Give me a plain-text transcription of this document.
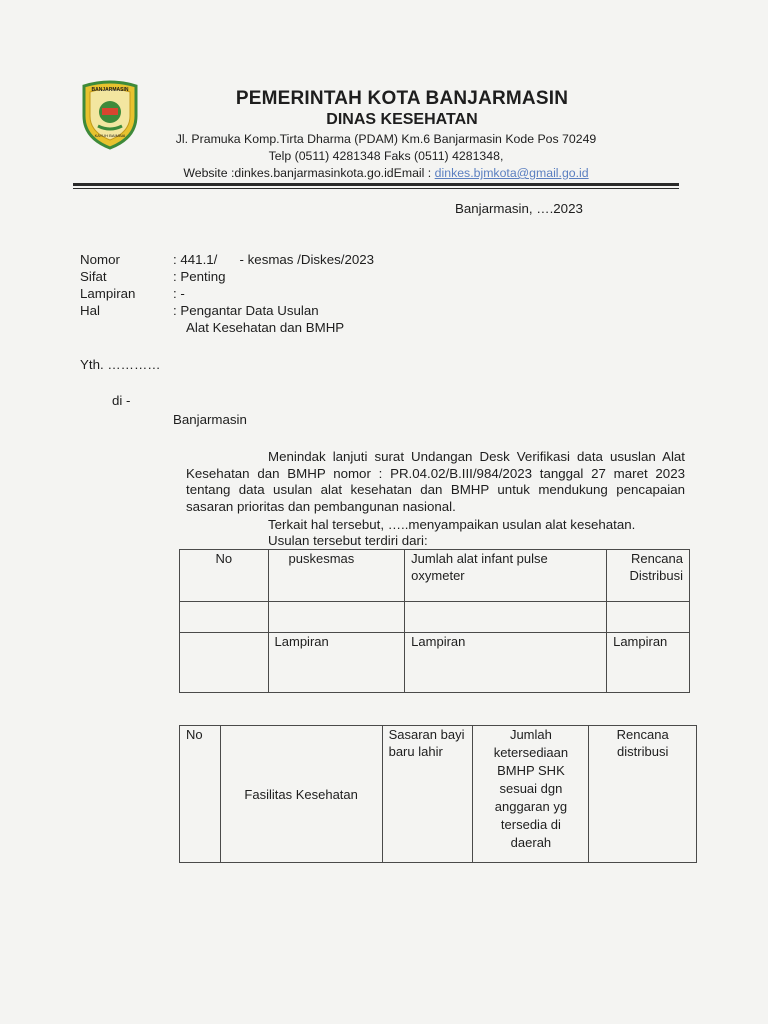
BANJARMASIN
KAYUH BAIMBAI
PEMERINTAH KOTA BANJARMASIN
DINAS KESEHATAN
Jl. Pramuka Komp.Tirta Dharma (PDAM) Km.6 Banjarmasin Kode Pos 70249
Telp (0511) 4281348 Faks (0511) 4281348,
Website :dinkes.banjarmasinkota.go.idEmail : dinkes.bjmkota@gmail.go.id
Banjarmasin, ….2023
Nomor	: 441.1/      - kesmas /Diskes/2023
Sifat	: Penting
Lampiran	: -
Hal	: Pengantar Data Usulan
Alat Kesehatan dan BMHP
Yth. …………
di -
Banjarmasin
Menindak lanjuti surat Undangan Desk Verifikasi data ususlan Alat Kesehatan dan BMHP nomor : PR.04.02/B.III/984/2023 tanggal 27 maret 2023 tentang data usulan alat kesehatan dan BMHP untuk mendukung pencapaian sasaran prioritas dan pembangunan nasional.
Terkait hal tersebut, …..menyampaikan usulan alat kesehatan.
Usulan tersebut terdiri dari:
No	puskesmas	Jumlah alat infant pulse oxymeter	Rencana Distribusi

	Lampiran	Lampiran	Lampiran
No	Fasilitas Kesehatan	Sasaran bayi baru lahir	Jumlah ketersediaan BMHP SHK sesuai dgn anggaran yg tersedia di daerah	Rencana distribusi
